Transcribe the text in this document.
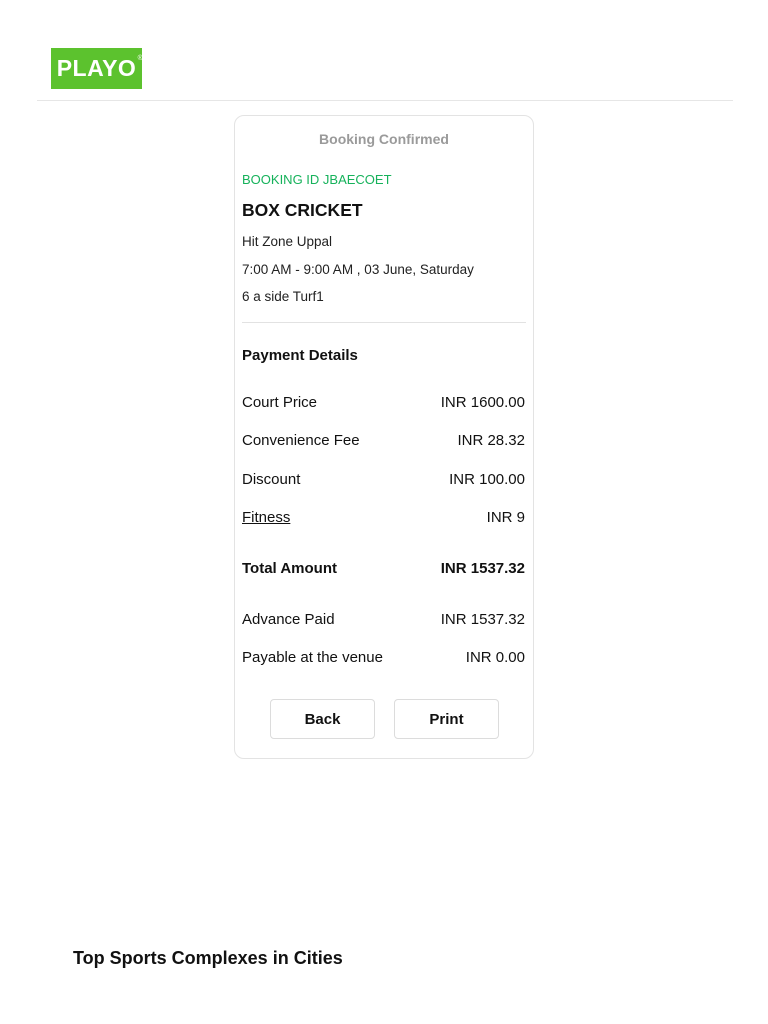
PLAYO ®
Booking Confirmed
BOOKING ID JBAECOET
BOX CRICKET
Hit Zone Uppal
7:00 AM - 9:00 AM , 03 June, Saturday
6 a side Turf1
Payment Details
Court Price	INR 1600.00
Convenience Fee	INR 28.32
Discount	INR 100.00
Fitness	INR 9
Total Amount	INR 1537.32
Advance Paid	INR 1537.32
Payable at the venue	INR 0.00
Back	Print
Top Sports Complexes in Cities
